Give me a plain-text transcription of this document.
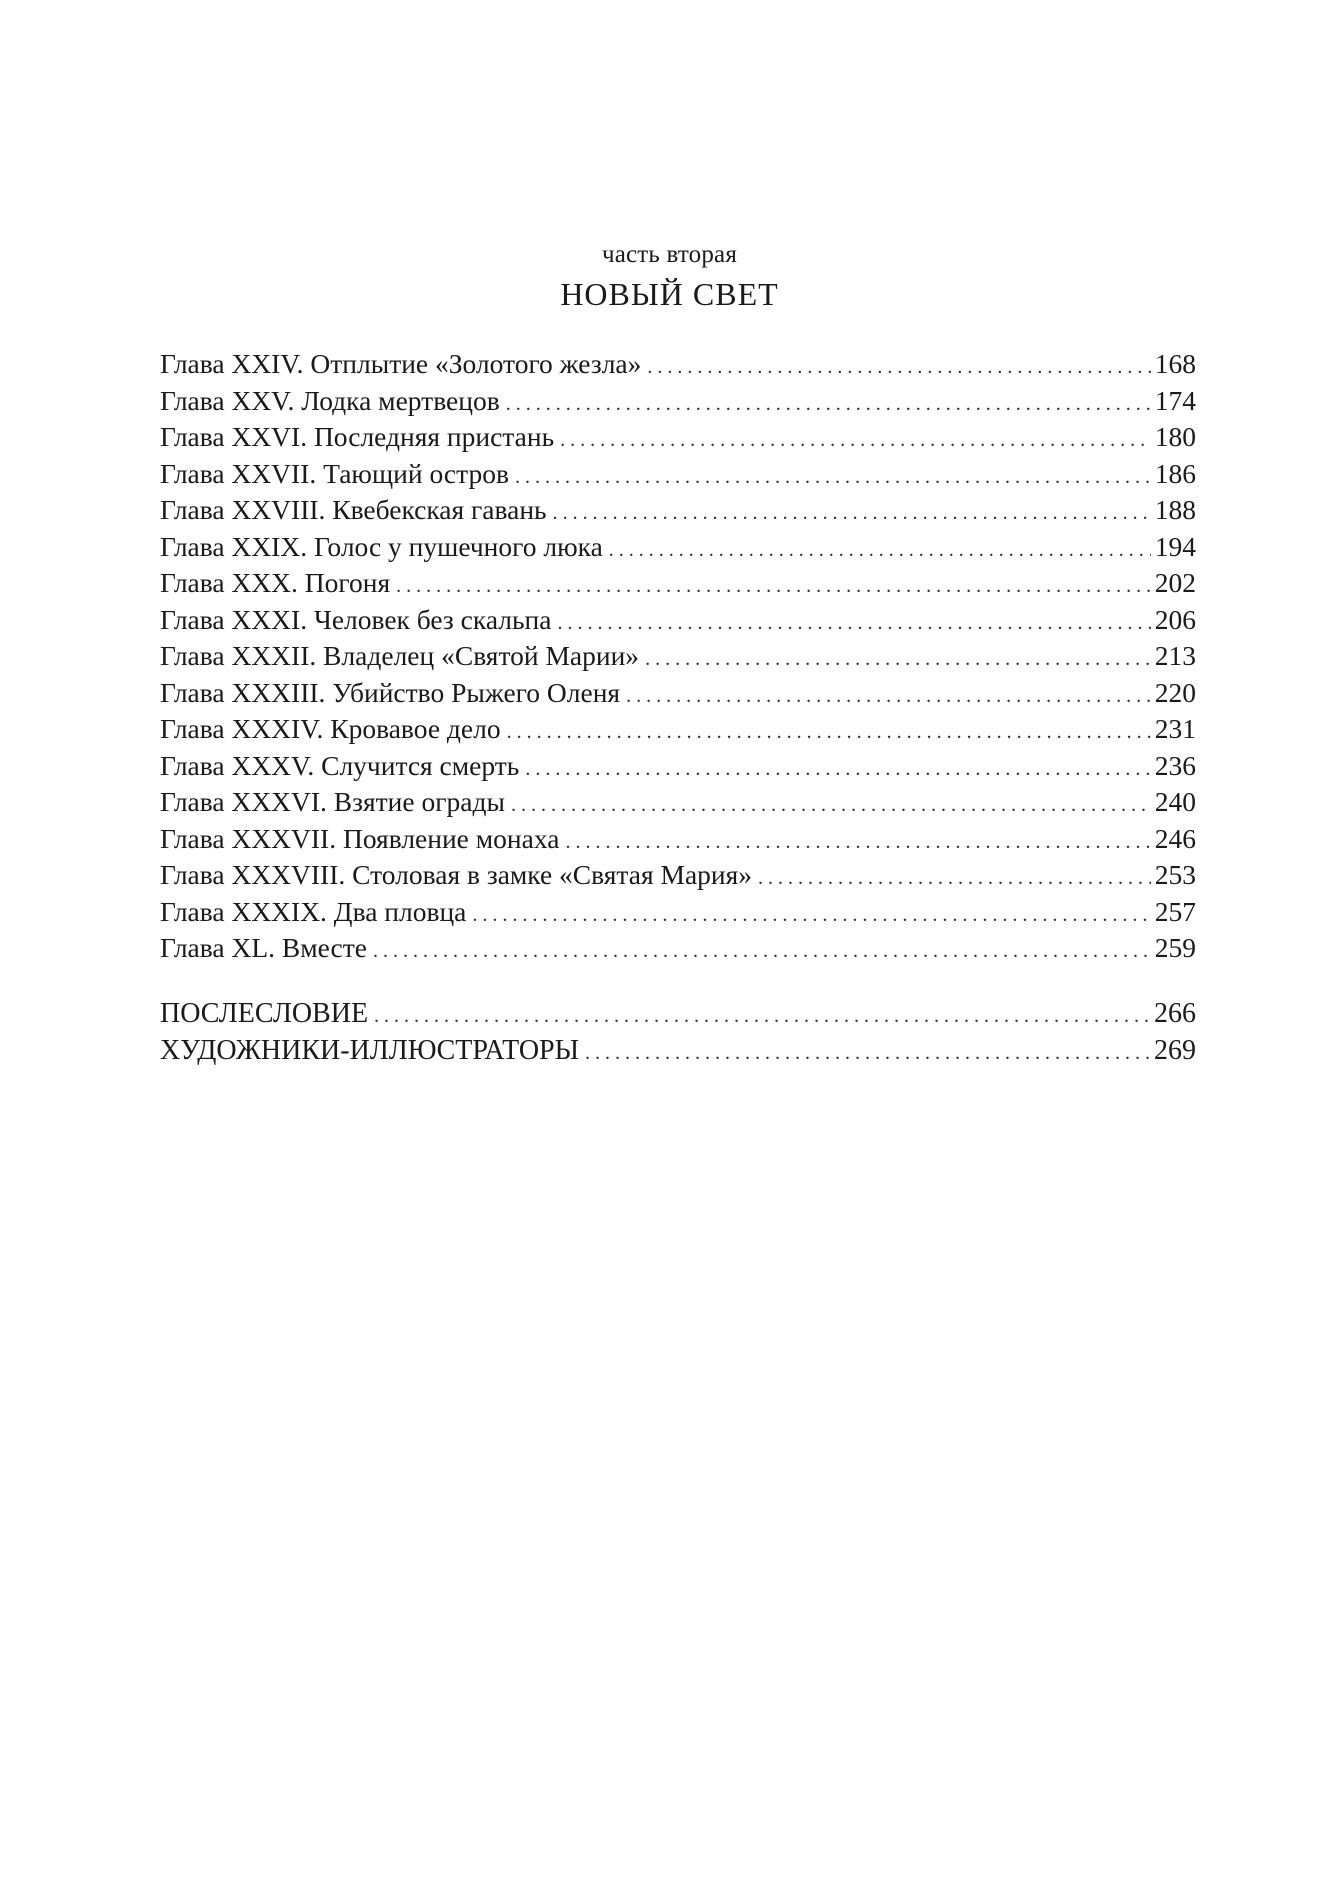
часть вторая
НОВЫЙ СВЕТ
Глава XXIV. Отплытие «Золотого жезла» . . .	168
Глава XXV. Лодка мертвецов . . .	174
Глава XXVI. Последняя пристань . . .	180
Глава XXVII. Тающий остров . . .	186
Глава XXVIII. Квебекская гавань . . .	188
Глава XXIX. Голос у пушечного люка . . .	194
Глава XXX. Погоня . . .	202
Глава XXXI. Человек без скальпа . . .	206
Глава XXXII. Владелец «Святой Марии» . . .	213
Глава XXXIII. Убийство Рыжего Оленя . . .	220
Глава XXXIV. Кровавое дело . . .	231
Глава XXXV. Случится смерть . . .	236
Глава XXXVI. Взятие ограды . . .	240
Глава XXXVII. Появление монаха . . .	246
Глава XXXVIII. Столовая в замке «Святая Мария» . . .	253
Глава XXXIX. Два пловца . . .	257
Глава XL. Вместе . . .	259
ПОСЛЕСЛОВИЕ . . .	266
ХУДОЖНИКИ-ИЛЛЮСТРАТОРЫ . . .	269
